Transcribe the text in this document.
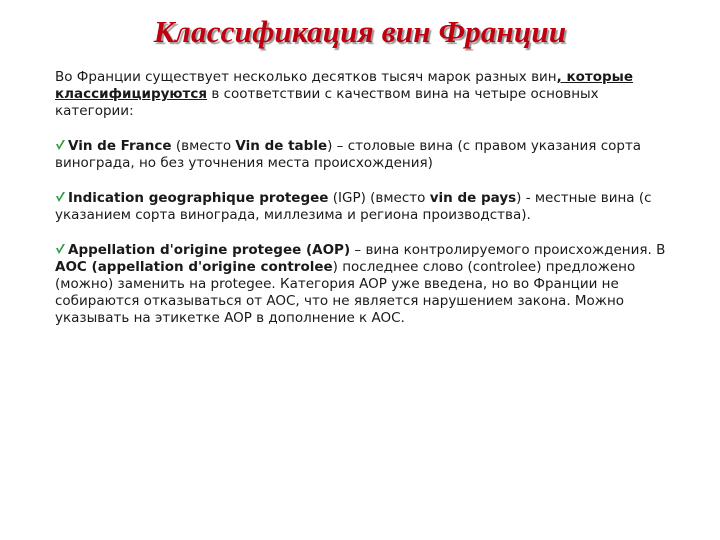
Классификация вин Франции

Во Франции существует несколько десятков тысяч марок разных вин, которые классифицируются в соответствии с качеством вина на четыре основных категории:

Vin de France (вместо Vin de table) – столовые вина (с правом указания сорта винограда, но без уточнения места происхождения)

Indication geographique protegee (IGP) (вместо vin de pays) - местные вина (с указанием сорта винограда, миллезима и региона производства).

Appellation d'origine protegee (AOP) – вина контролируемого происхождения. В AOC (appellation d'origine controlee) последнее слово (controlee) предложено (можно) заменить на protegee. Категория AOP уже введена, но во Франции не собираются отказываться от AOC, что не является нарушением закона. Можно указывать на этикетке AOP в дополнение к AOC.
